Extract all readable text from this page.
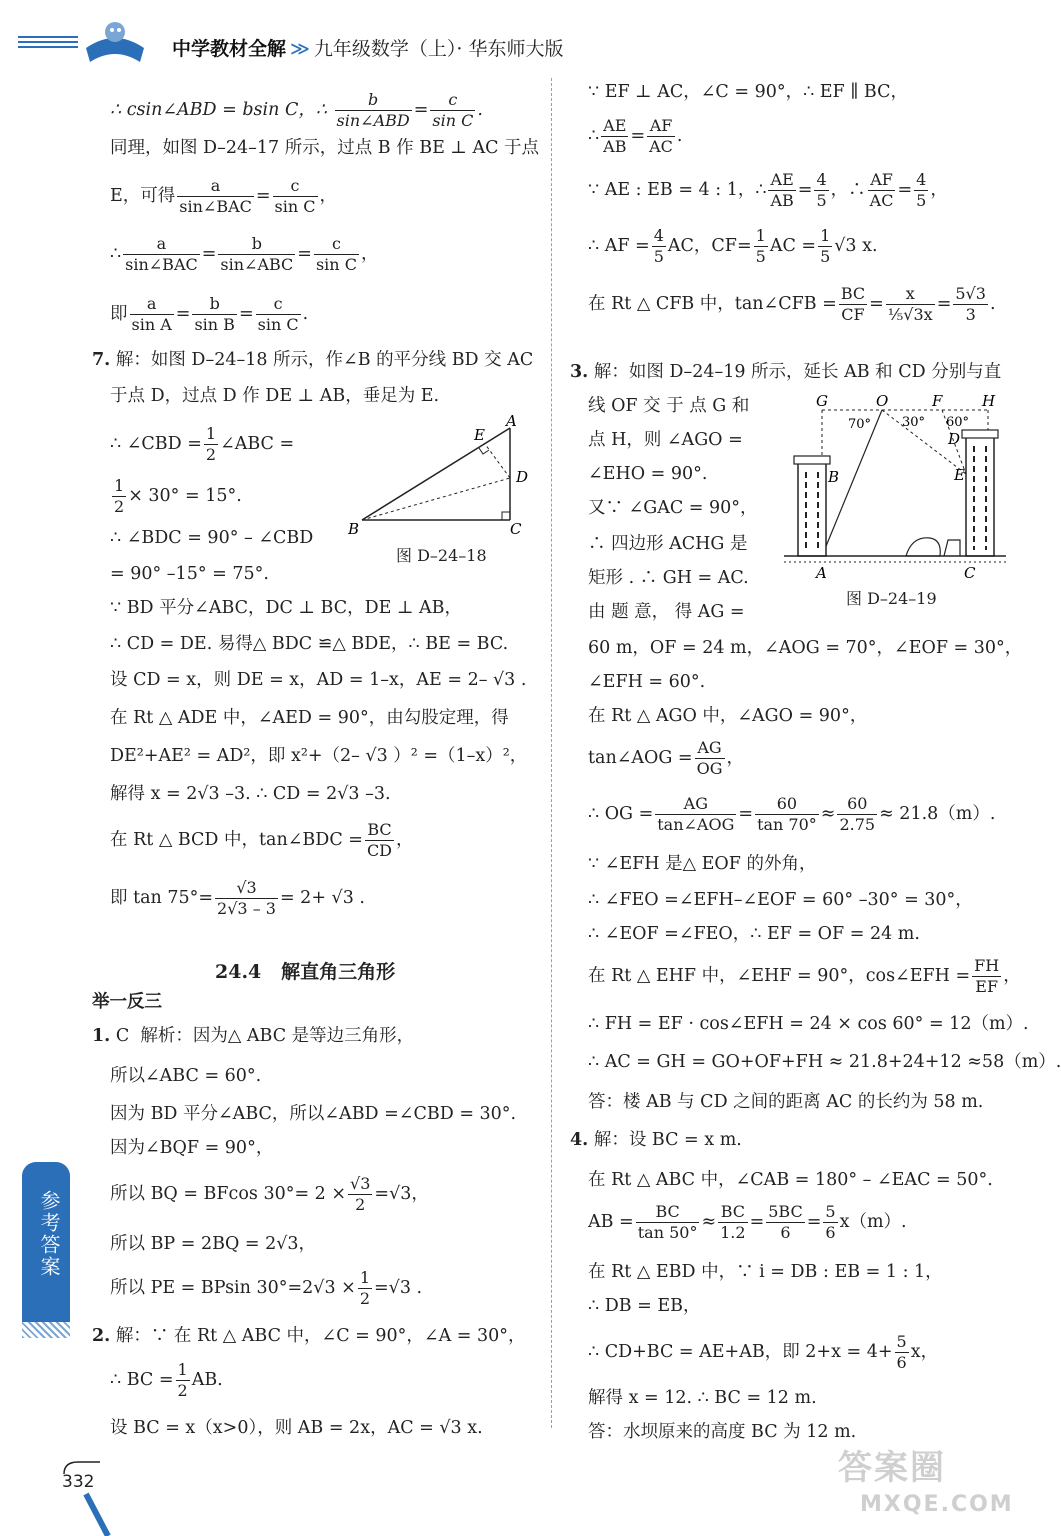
中学教材全解 ≫ 九年级数学（上）· 华东师大版
∴ csin∠ABD = bsin C，∴ $\frac{b}{\text{sin∠ABD}} = \frac{c}{\text{sin C}}$ .
同理，如图 D–24–17 所示，过点 B 作 BE ⊥ AC 于点
E，可得 $\frac{a}{\text{sin∠BAC}} = \frac{c}{\text{sin C}}$ ，
∴ $\frac{a}{\text{sin∠BAC}} = \frac{b}{\text{sin∠ABC}} = \frac{c}{\text{sin C}}$ ，
即 $\frac{a}{\text{sin A}} = \frac{b}{\text{sin B}} = \frac{c}{\text{sin C}}$ .
7. 解：如图 D–24–18 所示，作∠B 的平分线 BD 交 AC
于点 D，过点 D 作 DE ⊥ AB，垂足为 E.
∴ ∠CBD = $\frac{1}{2}$ ∠ABC =
$\frac{1}{2} \times 30^\circ = 15^\circ$.
∴ ∠BDC = 90° – ∠CBD
= 90° –15° = 75°.
A
E
D
B	C
图 D–24–18
∵ BD 平分∠ABC，DC ⊥ BC，DE ⊥ AB，
∴ CD = DE. 易得△ BDC ≌△ BDE，∴ BE = BC.
设 CD = x，则 DE = x，AD = 1–x，AE = 2– √3 .
在 Rt △ ADE 中，∠AED = 90°，由勾股定理，得
DE²+AE² = AD²，即 x²+（2– √3 ）² =（1–x）²，
解得 x = 2√3 –3. ∴ CD = 2√3 –3.
在 Rt △ BCD 中，tan∠BDC = $\frac{BC}{CD}$ ，
即 $\tan 75^\circ= \frac{√3}{2√3 - 3} = 2+ √3$ .
24.4 解直角三角形
举一反三
1. C 解析：因为△ ABC 是等边三角形，
所以∠ABC = 60°.
因为 BD 平分∠ABC，所以∠ABD =∠CBD = 30°.
因为∠BQF = 90°，
所以 BQ = BFcos $30^\circ= 2 \times \frac{√3}{2} =√3$，
所以 BP = 2BQ = 2√3，
所以 PE = BPsin $30^\circ=2√3 \times \frac{1}{2} =√3$ .
2. 解：∵ 在 Rt △ ABC 中，∠C = 90°，∠A = 30°，
∴ BC = $\frac{1}{2}$ AB.
设 BC = x（x>0），则 AB = 2x，AC = √3 x.
参考答案
332
∵ EF ⊥ AC，∠C = 90°，∴ EF ∥ BC，
∴ $\frac{AE}{AB} = \frac{AF}{AC}$ .
∵ AE : EB = 4 : 1，∴ $\frac{AE}{AB} = \frac{4}{5}$ ，∴ $\frac{AF}{AC} = \frac{4}{5}$ ，
∴ AF = $\frac{4}{5}$ AC，$CF= \frac{1}{5}$ AC = $\frac{1}{5} √3$ x.
在 Rt △ CFB 中，tan∠CFB = $\frac{BC}{CF} = \frac{x}{\text{⅕√3x}} = \frac{5√3}{3}$ .
3. 解：如图 D–24–19 所示，延长 AB 和 CD 分别与直
线 OF 交 于 点 G 和
点 H，则 ∠AGO =
∠EHO = 90°.
又∵ ∠GAC = 90°，
∴ 四边形 ACHG 是
矩形 . ∴ GH = AC.
由 题 意， 得 AG =
G	O	F	H
70° 30° 60°
D
E
B
A	C
图 D–24–19
60 m，OF = 24 m，∠AOG = 70°，∠EOF = 30°，
∠EFH = 60°.
在 Rt △ AGO 中，∠AGO = 90°，
tan∠AOG = $\frac{AG}{OG}$ ，
∴ OG = $\frac{AG}{\text{tan∠AOG}} = \frac{60}{\tan 70^\circ} \approx \frac{60}{2.75} \approx 21.8(m)$.
∵ ∠EFH 是△ EOF 的外角，
∴ ∠FEO =∠EFH–∠EOF = 60° –30° = 30°，
∴ ∠EOF =∠FEO，∴ EF = OF = 24 m.
在 Rt △ EHF 中，∠EHF = 90°，cos∠EFH = $\frac{FH}{EF}$ ，
∴ FH = EF · cos∠EFH = 24 × cos 60° = 12（m）.
∴ AC = GH = GO+OF+FH ≈ 21.8+24+12 ≈58（m）.
答：楼 AB 与 CD 之间的距离 AC 的长约为 58 m.
4. 解：设 BC = x m.
在 Rt △ ABC 中，∠CAB = 180° – ∠EAC = 50°.
AB = $\frac{BC}{\tan 50^\circ} \approx \frac{BC}{1.2} = \frac{5BC}{6} = \frac{5}{6} x(m)$.
在 Rt △ EBD 中，∵ i = DB : EB = 1 : 1，
∴ DB = EB，
∴ CD+BC = AE+AB，即 $2+x = 4+ \frac{5}{6}$ x，
解得 x = 12. ∴ BC = 12 m.
答：水坝原来的高度 BC 为 12 m.
答案圈
MXQE.COM
